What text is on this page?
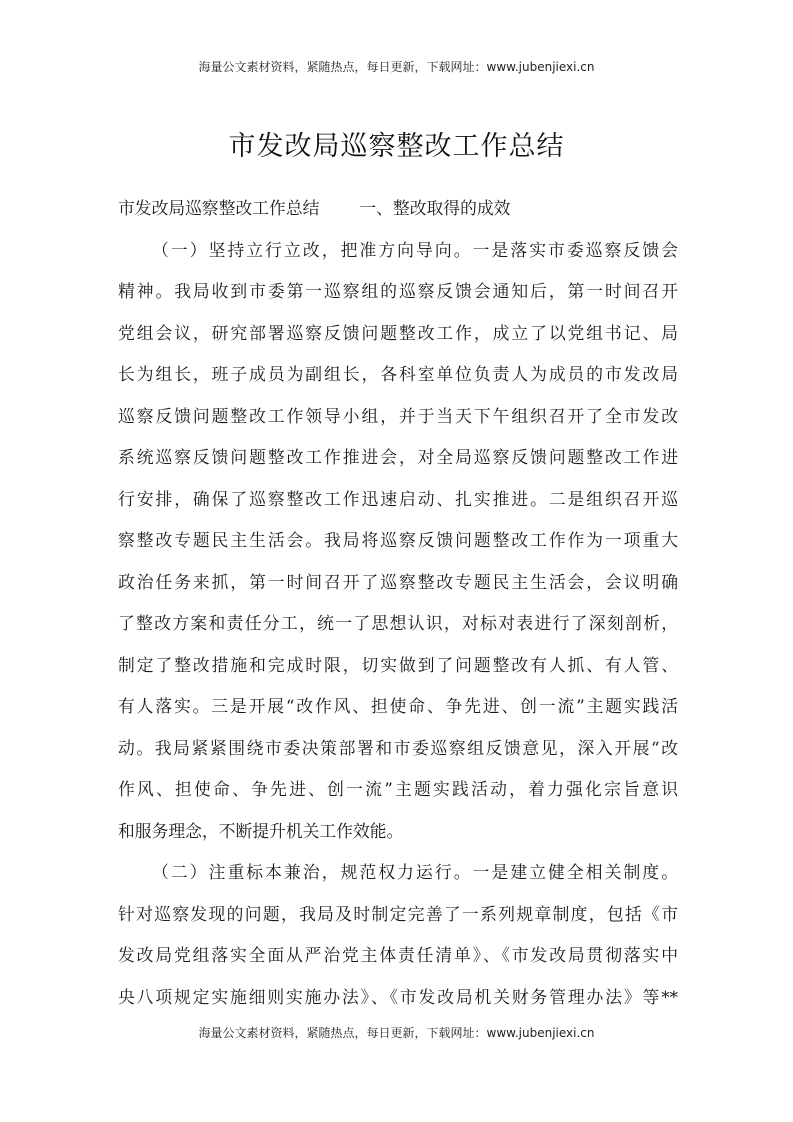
海量公文素材资料，紧随热点，每日更新，下载网址：www.jubenjiexi.cn
市发改局巡察整改工作总结
市发改局巡察整改工作总结 一、整改取得的成效
（一）坚持立行立改，把准方向导向。一是落实市委巡察反馈会
精神。我局收到市委第一巡察组的巡察反馈会通知后，第一时间召开
党组会议，研究部署巡察反馈问题整改工作，成立了以党组书记、局
长为组长，班子成员为副组长，各科室单位负责人为成员的市发改局
巡察反馈问题整改工作领导小组，并于当天下午组织召开了全市发改
系统巡察反馈问题整改工作推进会，对全局巡察反馈问题整改工作进
行安排，确保了巡察整改工作迅速启动、扎实推进。二是组织召开巡
察整改专题民主生活会。我局将巡察反馈问题整改工作作为一项重大
政治任务来抓，第一时间召开了巡察整改专题民主生活会，会议明确
了整改方案和责任分工，统一了思想认识，对标对表进行了深刻剖析，
制定了整改措施和完成时限，切实做到了问题整改有人抓、有人管、
有人落实。三是开展“改作风、担使命、争先进、创一流”主题实践活
动。我局紧紧围绕市委决策部署和市委巡察组反馈意见，深入开展“改
作风、担使命、争先进、创一流”主题实践活动，着力强化宗旨意识
和服务理念，不断提升机关工作效能。
（二）注重标本兼治，规范权力运行。一是建立健全相关制度。
针对巡察发现的问题，我局及时制定完善了一系列规章制度，包括《市
发改局党组落实全面从严治党主体责任清单》、《市发改局贯彻落实中
央八项规定实施细则实施办法》、《市发改局机关财务管理办法》等**
海量公文素材资料，紧随热点，每日更新，下载网址：www.jubenjiexi.cn
